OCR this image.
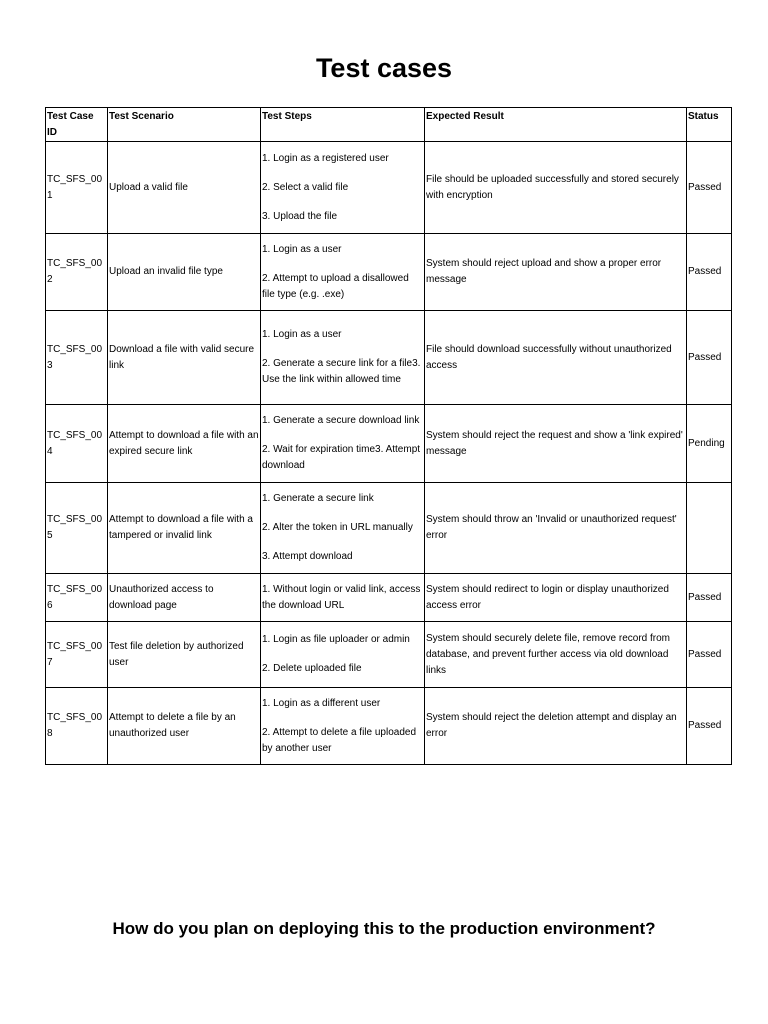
Test cases
Test Case ID	Test Scenario	Test Steps	Expected Result	Status
TC_SFS_001	Upload a valid file	1. Login as a registered user
2. Select a valid file
3. Upload the file	File should be uploaded successfully and stored securely with encryption	Passed
TC_SFS_002	Upload an invalid file type	1. Login as a user
2. Attempt to upload a disallowed file type (e.g. .exe)	System should reject upload and show a proper error message	Passed
TC_SFS_003	Download a file with valid secure link	1. Login as a user
2. Generate a secure link for a file3. Use the link within allowed time	File should download successfully without unauthorized access	Passed
TC_SFS_004	Attempt to download a file with an expired secure link	1. Generate a secure download link
2. Wait for expiration time3. Attempt download	System should reject the request and show a 'link expired' message	Pending
TC_SFS_005	Attempt to download a file with a tampered or invalid link	1. Generate a secure link
2. Alter the token in URL manually
3. Attempt download	System should throw an 'Invalid or unauthorized request' error	
TC_SFS_006	Unauthorized access to download page	1. Without login or valid link, access the download URL	System should redirect to login or display unauthorized access error	Passed
TC_SFS_007	Test file deletion by authorized user	1. Login as file uploader or admin
2. Delete uploaded file	System should securely delete file, remove record from database, and prevent further access via old download links	Passed
TC_SFS_008	Attempt to delete a file by an unauthorized user	1. Login as a different user
2. Attempt to delete a file uploaded by another user	System should reject the deletion attempt and display an error	Passed
How do you plan on deploying this to the production environment?
